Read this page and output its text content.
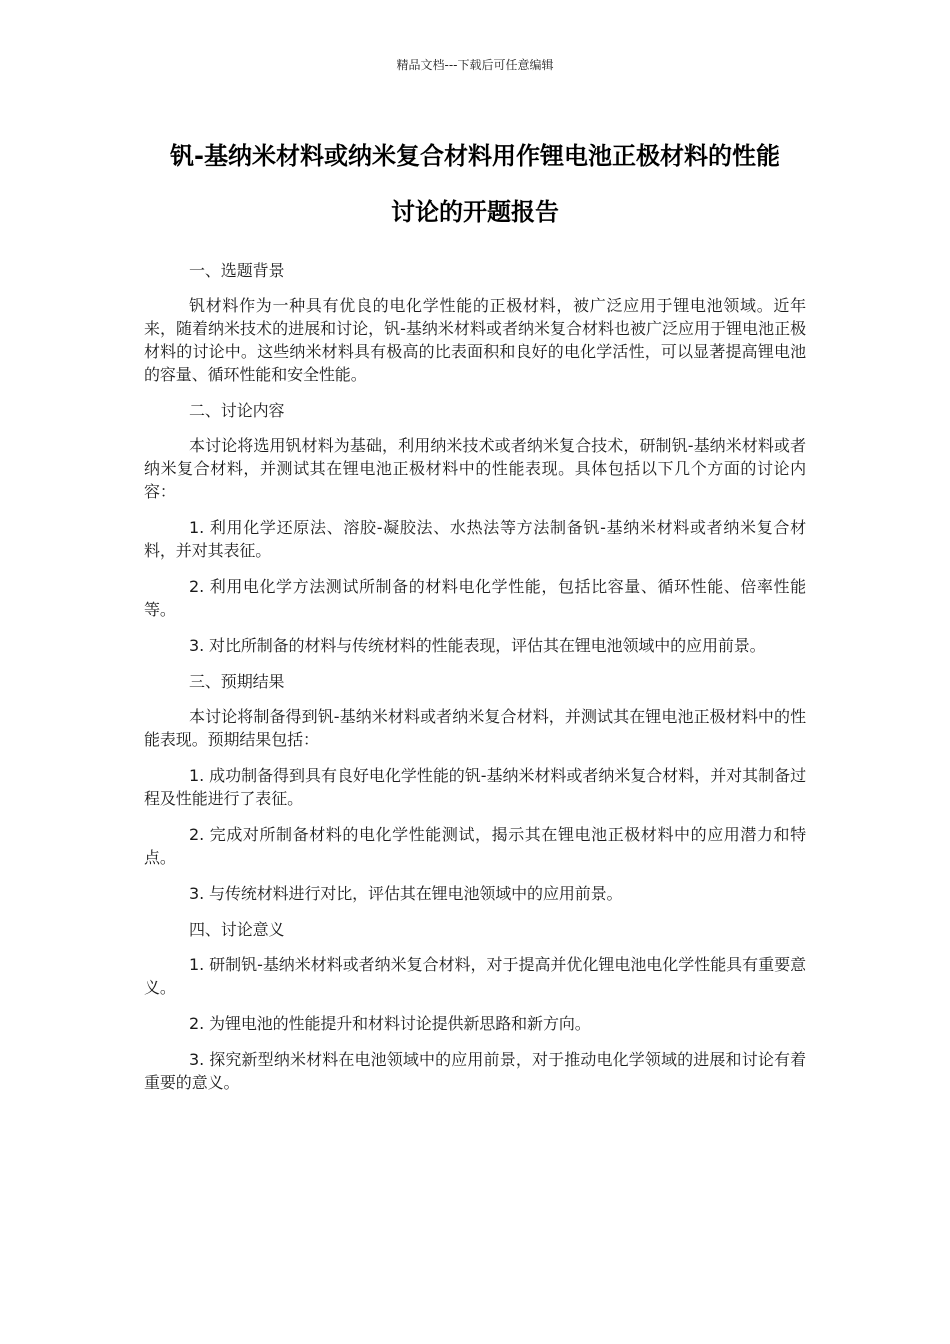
精品文档---下载后可任意编辑
钒-基纳米材料或纳米复合材料用作锂电池正极材料的性能
讨论的开题报告

一、选题背景

钒材料作为一种具有优良的电化学性能的正极材料，被广泛应用于锂电池领域。近年来，随着纳米技术的进展和讨论，钒-基纳米材料或者纳米复合材料也被广泛应用于锂电池正极材料的讨论中。这些纳米材料具有极高的比表面积和良好的电化学活性，可以显著提高锂电池的容量、循环性能和安全性能。

二、讨论内容

本讨论将选用钒材料为基础，利用纳米技术或者纳米复合技术，研制钒-基纳米材料或者纳米复合材料，并测试其在锂电池正极材料中的性能表现。具体包括以下几个方面的讨论内容：

1. 利用化学还原法、溶胶-凝胶法、水热法等方法制备钒-基纳米材料或者纳米复合材料，并对其表征。

2. 利用电化学方法测试所制备的材料电化学性能，包括比容量、循环性能、倍率性能等。

3. 对比所制备的材料与传统材料的性能表现，评估其在锂电池领域中的应用前景。

三、预期结果

本讨论将制备得到钒-基纳米材料或者纳米复合材料，并测试其在锂电池正极材料中的性能表现。预期结果包括：

1. 成功制备得到具有良好电化学性能的钒-基纳米材料或者纳米复合材料，并对其制备过程及性能进行了表征。

2. 完成对所制备材料的电化学性能测试，揭示其在锂电池正极材料中的应用潜力和特点。

3. 与传统材料进行对比，评估其在锂电池领域中的应用前景。

四、讨论意义

1. 研制钒-基纳米材料或者纳米复合材料，对于提高并优化锂电池电化学性能具有重要意义。

2. 为锂电池的性能提升和材料讨论提供新思路和新方向。

3. 探究新型纳米材料在电池领域中的应用前景，对于推动电化学领域的进展和讨论有着重要的意义。
